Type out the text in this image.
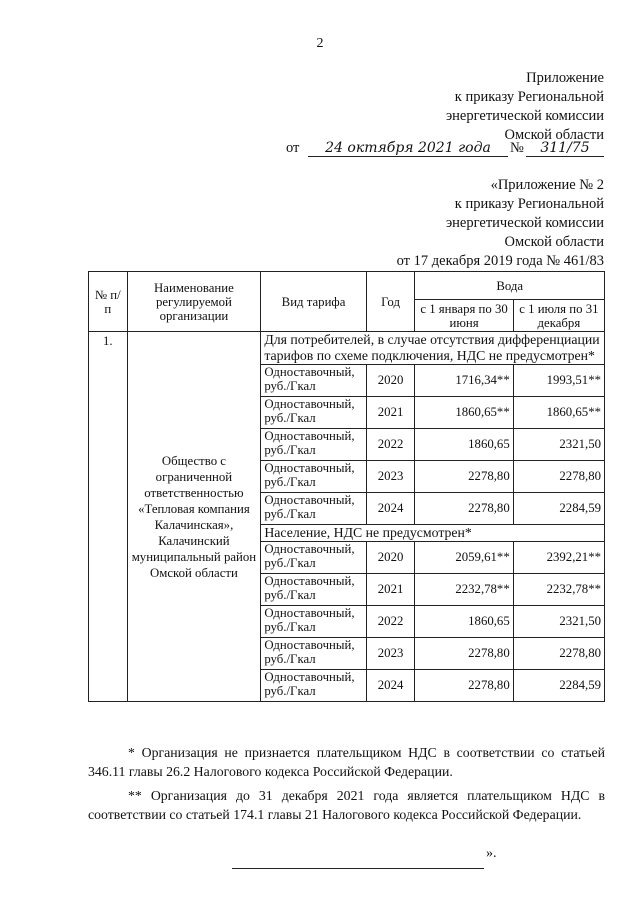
2
Приложение
к приказу Региональной
энергетической комиссии
Омской области
от	24 октября 2021 года	№	311/75
«Приложение № 2
к приказу Региональной
энергетической комиссии
Омской области
от 17 декабря 2019 года № 461/83
№ п/п	Наименование регулируемой организации	Вид тарифа	Год	Вода	
				с 1 января по 30 июня	с 1 июля по 31 декабря
1.	Общество с ограниченной ответственностью «Тепловая компания Калачинская», Калачинский муниципальный район Омской области	Для потребителей, в случае отсутствия дифференциации тарифов по схеме подключения, НДС не предусмотрен*			
		Одноставочный, руб./Гкал	2020	1716,34**	1993,51**
		Одноставочный, руб./Гкал	2021	1860,65**	1860,65**
		Одноставочный, руб./Гкал	2022	1860,65	2321,50
		Одноставочный, руб./Гкал	2023	2278,80	2278,80
		Одноставочный, руб./Гкал	2024	2278,80	2284,59
		Население, НДС не предусмотрен*			
		Одноставочный, руб./Гкал	2020	2059,61**	2392,21**
		Одноставочный, руб./Гкал	2021	2232,78**	2232,78**
		Одноставочный, руб./Гкал	2022	1860,65	2321,50
		Одноставочный, руб./Гкал	2023	2278,80	2278,80
		Одноставочный, руб./Гкал	2024	2278,80	2284,59
* Организация не признается плательщиком НДС в соответствии со статьей 346.11 главы 26.2 Налогового кодекса Российской Федерации.
** Организация до 31 декабря 2021 года является плательщиком НДС в соответствии со статьей 174.1 главы 21 Налогового кодекса Российской Федерации.
».
